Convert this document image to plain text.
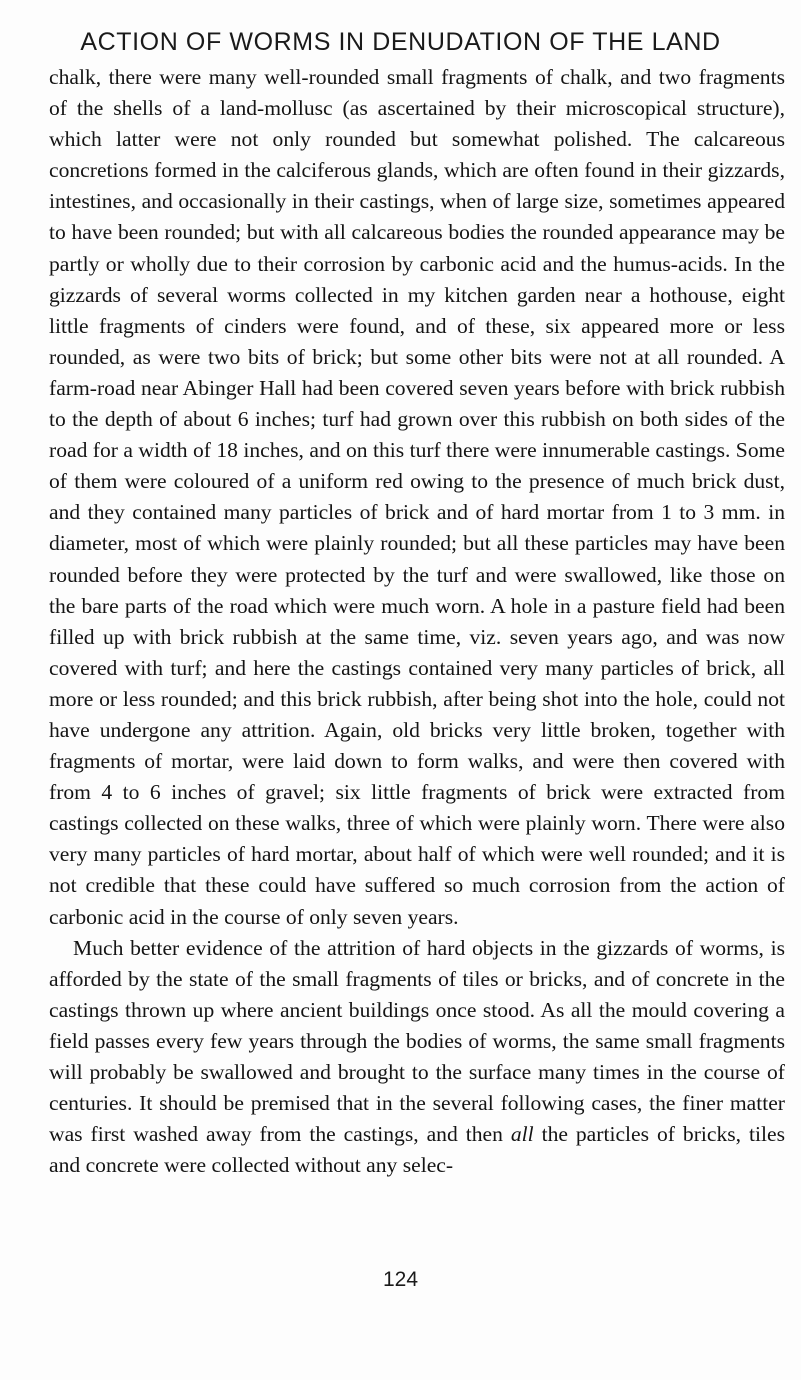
ACTION OF WORMS IN DENUDATION OF THE LAND

chalk, there were many well-rounded small fragments of chalk, and two fragments of the shells of a land-mollusc (as ascertained by their microscopical structure), which latter were not only rounded but somewhat polished. The calcareous concretions formed in the calciferous glands, which are often found in their gizzards, intestines, and occasionally in their castings, when of large size, sometimes appeared to have been rounded; but with all calcareous bodies the rounded appearance may be partly or wholly due to their corrosion by carbonic acid and the humus-acids. In the gizzards of several worms collected in my kitchen garden near a hothouse, eight little fragments of cinders were found, and of these, six appeared more or less rounded, as were two bits of brick; but some other bits were not at all rounded. A farm-road near Abinger Hall had been covered seven years before with brick rubbish to the depth of about 6 inches; turf had grown over this rubbish on both sides of the road for a width of 18 inches, and on this turf there were innumerable castings. Some of them were coloured of a uniform red owing to the presence of much brick dust, and they contained many particles of brick and of hard mortar from 1 to 3 mm. in diameter, most of which were plainly rounded; but all these particles may have been rounded before they were protected by the turf and were swallowed, like those on the bare parts of the road which were much worn. A hole in a pasture field had been filled up with brick rubbish at the same time, viz. seven years ago, and was now covered with turf; and here the castings contained very many particles of brick, all more or less rounded; and this brick rubbish, after being shot into the hole, could not have undergone any attrition. Again, old bricks very little broken, together with fragments of mortar, were laid down to form walks, and were then covered with from 4 to 6 inches of gravel; six little fragments of brick were extracted from castings collected on these walks, three of which were plainly worn. There were also very many particles of hard mortar, about half of which were well rounded; and it is not credible that these could have suffered so much corrosion from the action of carbonic acid in the course of only seven years.

Much better evidence of the attrition of hard objects in the gizzards of worms, is afforded by the state of the small fragments of tiles or bricks, and of concrete in the castings thrown up where ancient buildings once stood. As all the mould covering a field passes every few years through the bodies of worms, the same small fragments will probably be swallowed and brought to the surface many times in the course of centuries. It should be premised that in the several following cases, the finer matter was first washed away from the castings, and then all the particles of bricks, tiles and concrete were collected without any selec-

124
